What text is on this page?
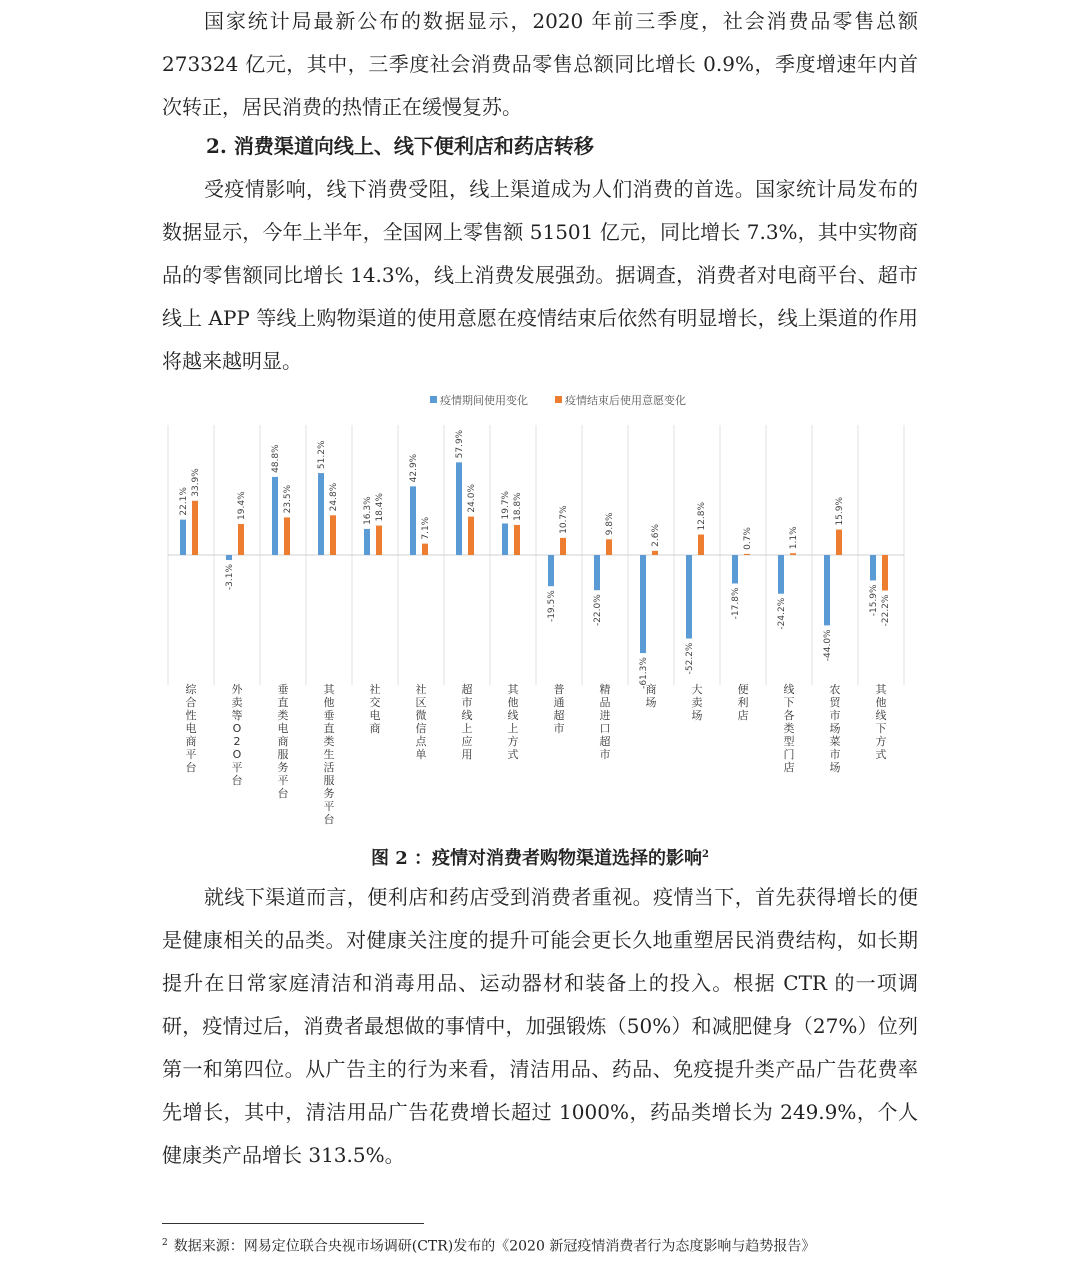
国家统计局最新公布的数据显示，2020 年前三季度，社会消费品零售总额 273324 亿元，其中，三季度社会消费品零售总额同比增长 0.9%，季度增速年内首次转正，居民消费的热情正在缓慢复苏。
2. 消费渠道向线上、线下便利店和药店转移
受疫情影响，线下消费受阻，线上渠道成为人们消费的首选。国家统计局发布的数据显示，今年上半年，全国网上零售额 51501 亿元，同比增长 7.3%，其中实物商品的零售额同比增长 14.3%，线上消费发展强劲。据调查，消费者对电商平台、超市线上 APP 等线上购物渠道的使用意愿在疫情结束后依然有明显增长，线上渠道的作用将越来越明显。
疫情期间使用变化	疫情结束后使用意愿变化
22.1%
33.9%
综
合
性
电
商
平
台
-3.1%
19.4%
外
卖
等
O
2
O
平
台
48.8%
23.5%
垂
直
类
电
商
服
务
平
台
51.2%
24.8%
其
他
垂
直
类
生
活
服
务
平
台
16.3% 18.4%
社
交
电
商
42.9%
7.1%
社
区
微
信
点
单
57.9%
24.0%
超
市
线
上
应
用
19.7% 18.8%
其
他
线
上
方
式
-19.5%
10.7%
普
通
超
市
-22.0%
9.8%
精
品
进
口
超
市
-61.3%
2.6%
商
场
-52.2%
12.8%
大
卖
场
-17.8%
0.7%
便
利
店
-24.2%
1.1%
线
下
各
类
型
门
店
-44.0%
15.9%
农
贸
市
场
菜
市
场
-15.9% -22.2%
其
他
线
下
方
式
图 2 ：疫情对消费者购物渠道选择的影响$^2$
就线下渠道而言，便利店和药店受到消费者重视。疫情当下，首先获得增长的便是健康相关的品类。对健康关注度的提升可能会更长久地重塑居民消费结构，如长期提升在日常家庭清洁和消毒用品、运动器材和装备上的投入。根据 CTR 的一项调研，疫情过后，消费者最想做的事情中，加强锻炼（50%）和减肥健身（27%）位列第一和第四位。从广告主的行为来看，清洁用品、药品、免疫提升类产品广告花费率先增长，其中，清洁用品广告花费增长超过 1000%，药品类增长为 249.9%，个人健康类产品增长 313.5%。
$^2$ 数据来源：网易定位联合央视市场调研(CTR)发布的《2020 新冠疫情消费者行为态度影响与趋势报告》
